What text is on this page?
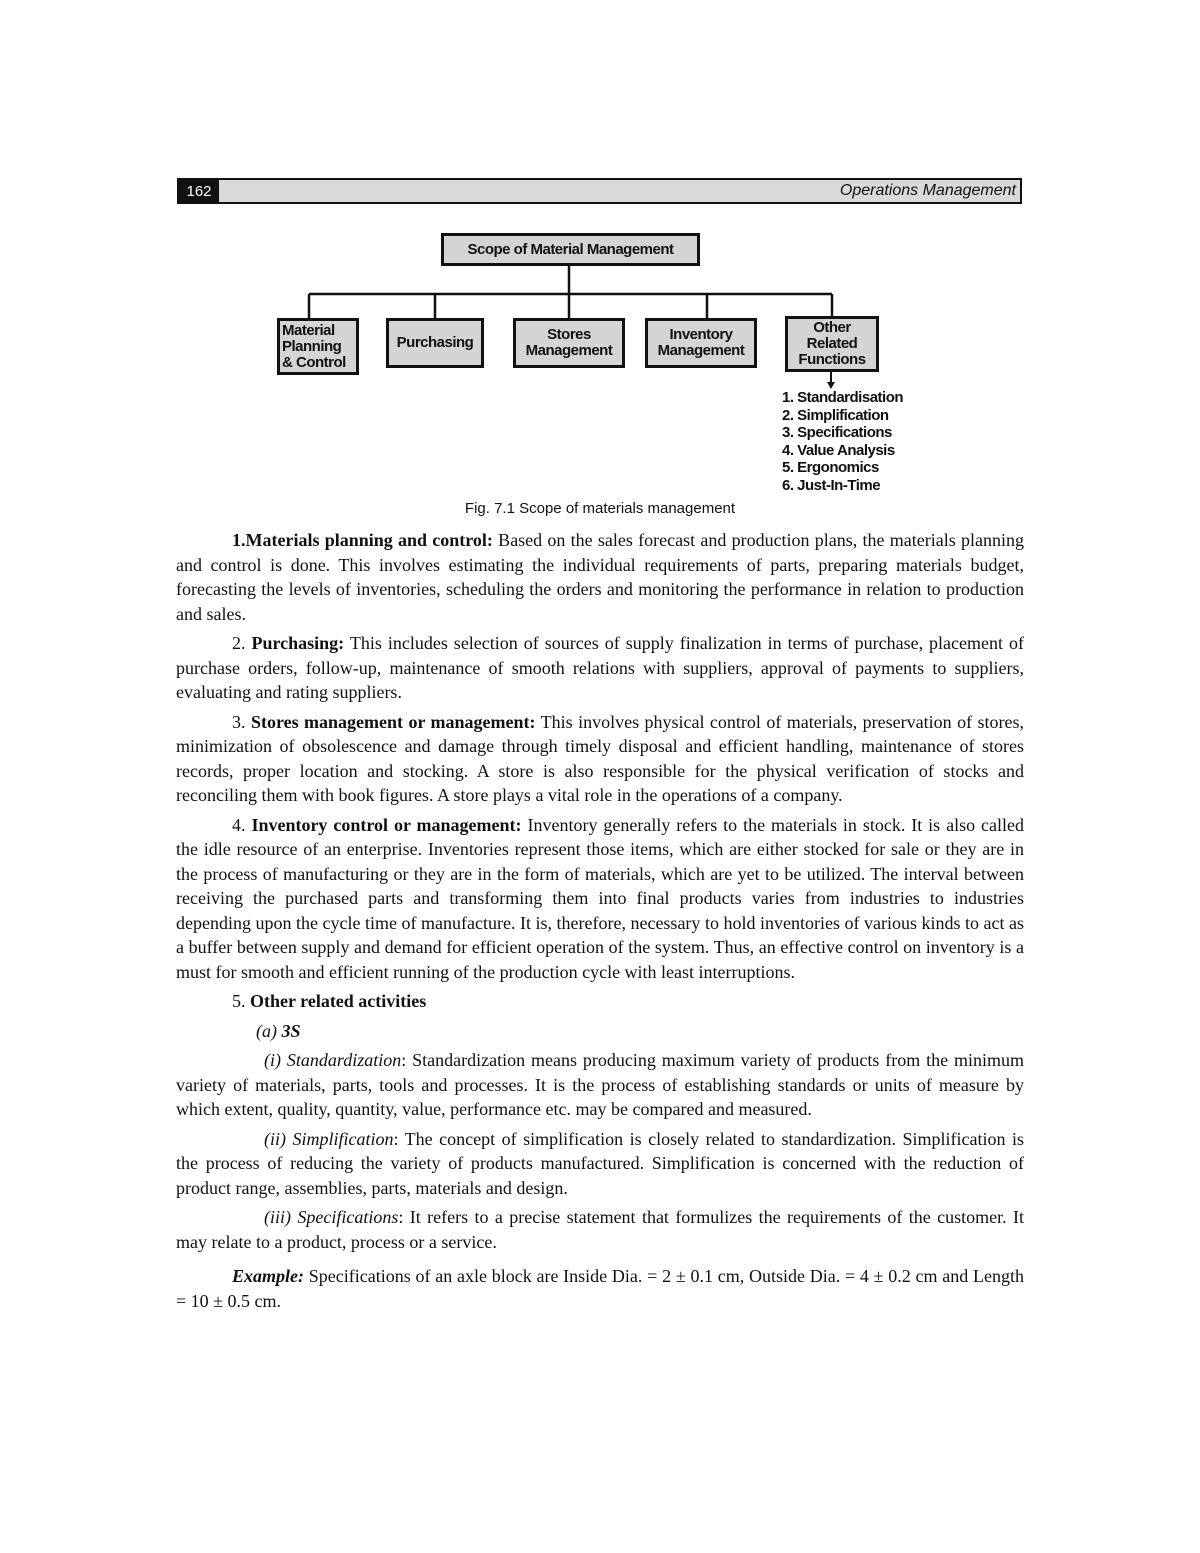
162	Operations Management
Scope of Material Management
Material
Planning
& Control
Purchasing	Stores
Management
Inventory
Management
Other
Related
Functions
1. Standardisation
2. Simplification
3. Specifications
4. Value Analysis
5. Ergonomics
6. Just-In-Time
Fig. 7.1 Scope of materials management

1.Materials planning and control: Based on the sales forecast and production plans, the materials planning and control is done. This involves estimating the individual requirements of parts, preparing materials budget, forecasting the levels of inventories, scheduling the orders and monitoring the performance in relation to production and sales.

2. Purchasing: This includes selection of sources of supply finalization in terms of purchase, placement of purchase orders, follow-up, maintenance of smooth relations with suppliers, approval of payments to suppliers, evaluating and rating suppliers.

3. Stores management or management: This involves physical control of materials, preservation of stores, minimization of obsolescence and damage through timely disposal and efficient handling, maintenance of stores records, proper location and stocking. A store is also responsible for the physical verification of stocks and reconciling them with book figures. A store plays a vital role in the operations of a company.

4. Inventory control or management: Inventory generally refers to the materials in stock. It is also called the idle resource of an enterprise. Inventories represent those items, which are either stocked for sale or they are in the process of manufacturing or they are in the form of materials, which are yet to be utilized. The interval between receiving the purchased parts and transforming them into final products varies from industries to industries depending upon the cycle time of manufacture. It is, therefore, necessary to hold inventories of various kinds to act as a buffer between supply and demand for efficient operation of the system. Thus, an effective control on inventory is a must for smooth and efficient running of the production cycle with least interruptions.

5. Other related activities

(a) 3S

(i) Standardization: Standardization means producing maximum variety of products from the minimum variety of materials, parts, tools and processes. It is the process of establishing standards or units of measure by which extent, quality, quantity, value, performance etc. may be compared and measured.

(ii) Simplification: The concept of simplification is closely related to standardization. Simplification is the process of reducing the variety of products manufactured. Simplification is concerned with the reduction of product range, assemblies, parts, materials and design.

(iii) Specifications: It refers to a precise statement that formulizes the requirements of the customer. It may relate to a product, process or a service.

Example: Specifications of an axle block are Inside Dia. = 2 ± 0.1 cm, Outside Dia. = 4 ± 0.2 cm and Length = 10 ± 0.5 cm.
